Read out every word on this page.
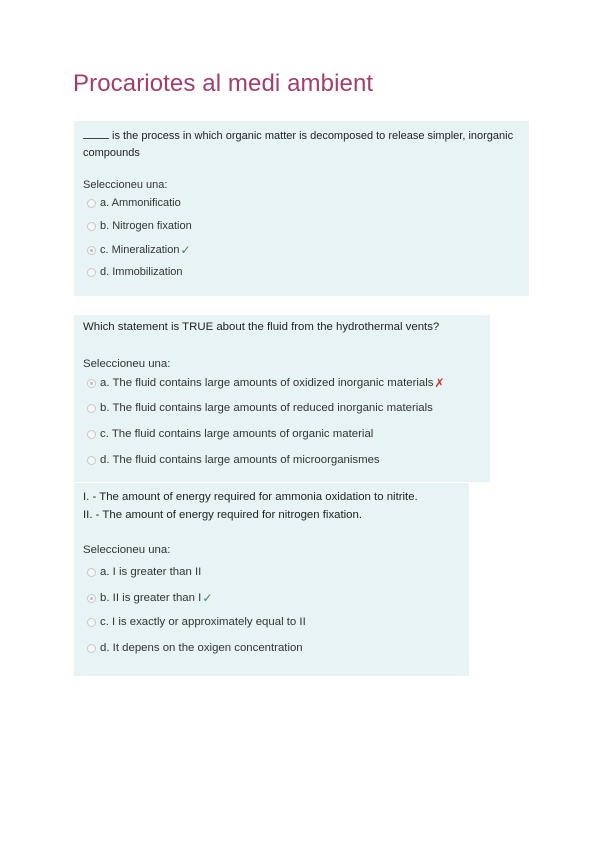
Procariotes al medi ambient
is the process in which organic matter is decomposed to release simpler, inorganic compounds
Seleccioneu una:
a. Ammonificatio
b. Nitrogen fixation
c. Mineralization ✓
d. Immobilization
Which statement is TRUE about the fluid from the hydrothermal vents?
Seleccioneu una:
a. The fluid contains large amounts of oxidized inorganic materials ✗
b. The fluid contains large amounts of reduced inorganic materials
c. The fluid contains large amounts of organic material
d. The fluid contains large amounts of microorganismes
I. - The amount of energy required for ammonia oxidation to nitrite.
II. - The amount of energy required for nitrogen fixation.
Seleccioneu una:
a. I is greater than II
b. II is greater than I ✓
c. I is exactly or approximately equal to II
d. It depens on the oxigen concentration
